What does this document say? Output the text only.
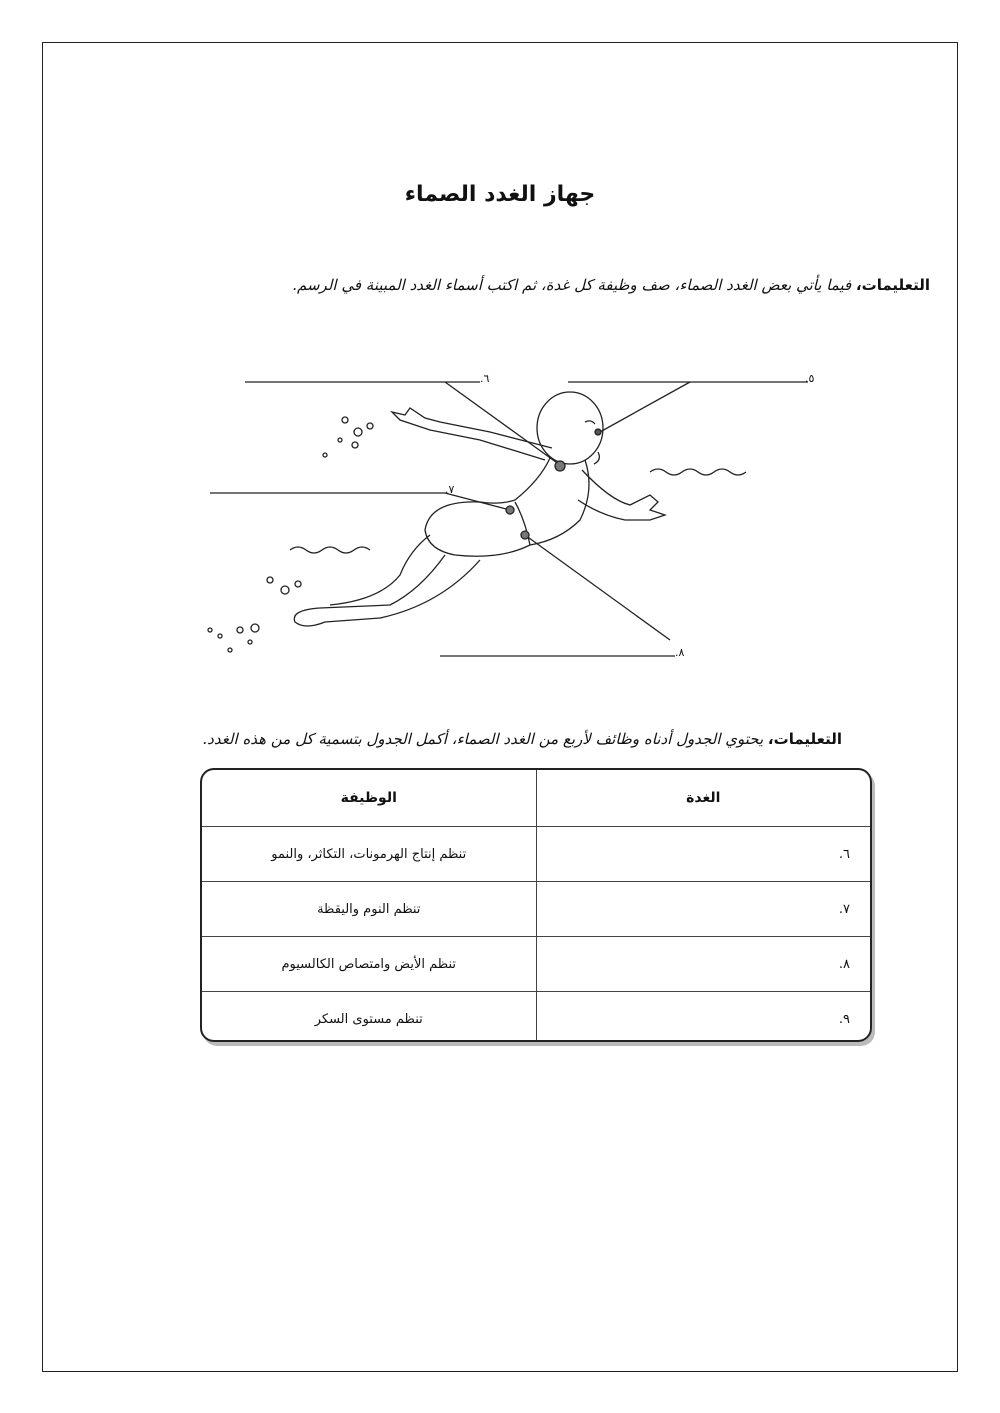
جهاز الغدد الصماء
التعليمات، فيما يأتي بعض الغدد الصماء، صف وظيفة كل غدة، ثم اكتب أسماء الغدد المبينة في الرسم.
٦.	٥.
٧.
٨.
التعليمات، يحتوي الجدول أدناه وظائف لأربع من الغدد الصماء، أكمل الجدول بتسمية كل من هذه الغدد.
الغدة	الوظيفة
٦.	تنظم إنتاج الهرمونات، التكاثر، والنمو
٧.	تنظم النوم واليقظة
٨.	تنظم الأيض وامتصاص الكالسيوم
٩.	تنظم مستوى السكر
